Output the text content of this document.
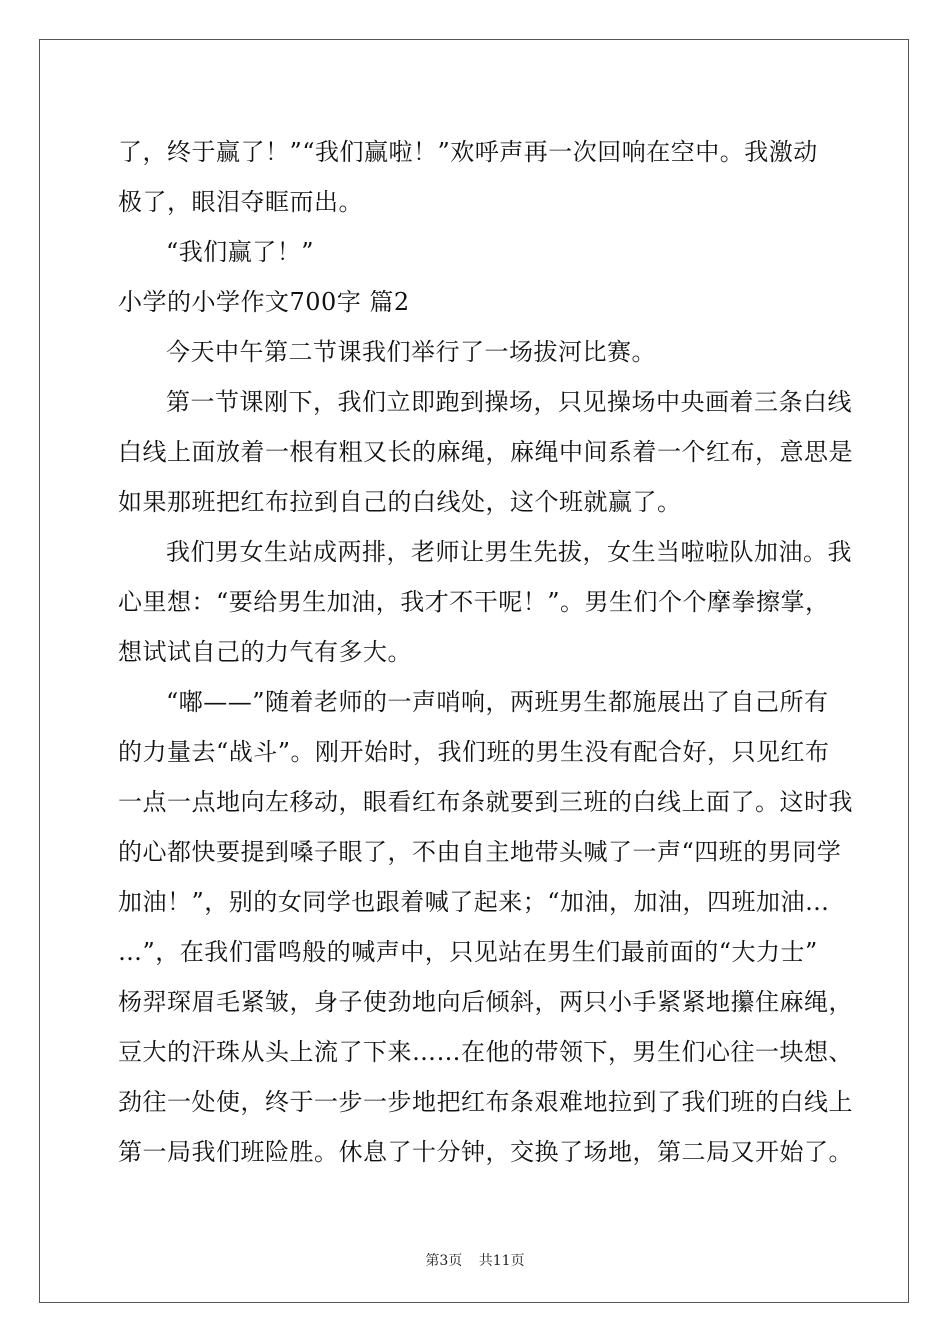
了，终于赢了！”“我们赢啦！”欢呼声再一次回响在空中。我激动
极了，眼泪夺眶而出。
“我们赢了！”
小学的小学作文700字 篇2
今天中午第二节课我们举行了一场拔河比赛。
第一节课刚下，我们立即跑到操场，只见操场中央画着三条白线
白线上面放着一根有粗又长的麻绳，麻绳中间系着一个红布，意思是
如果那班把红布拉到自己的白线处，这个班就赢了。
我们男女生站成两排，老师让男生先拔，女生当啦啦队加油。我
心里想：“要给男生加油，我才不干呢！”。男生们个个摩拳擦掌，
想试试自己的力气有多大。
“嘟——”随着老师的一声哨响，两班男生都施展出了自己所有
的力量去“战斗”。刚开始时，我们班的男生没有配合好，只见红布
一点一点地向左移动，眼看红布条就要到三班的白线上面了。这时我
的心都快要提到嗓子眼了，不由自主地带头喊了一声“四班的男同学
加油！”，别的女同学也跟着喊了起来；“加油，加油，四班加油…
…”，在我们雷鸣般的喊声中，只见站在男生们最前面的“大力士”
杨羿琛眉毛紧皱，身子使劲地向后倾斜，两只小手紧紧地攥住麻绳，
豆大的汗珠从头上流了下来……在他的带领下，男生们心往一块想、
劲往一处使，终于一步一步地把红布条艰难地拉到了我们班的白线上
第一局我们班险胜。休息了十分钟，交换了场地，第二局又开始了。
第3页 共11页
